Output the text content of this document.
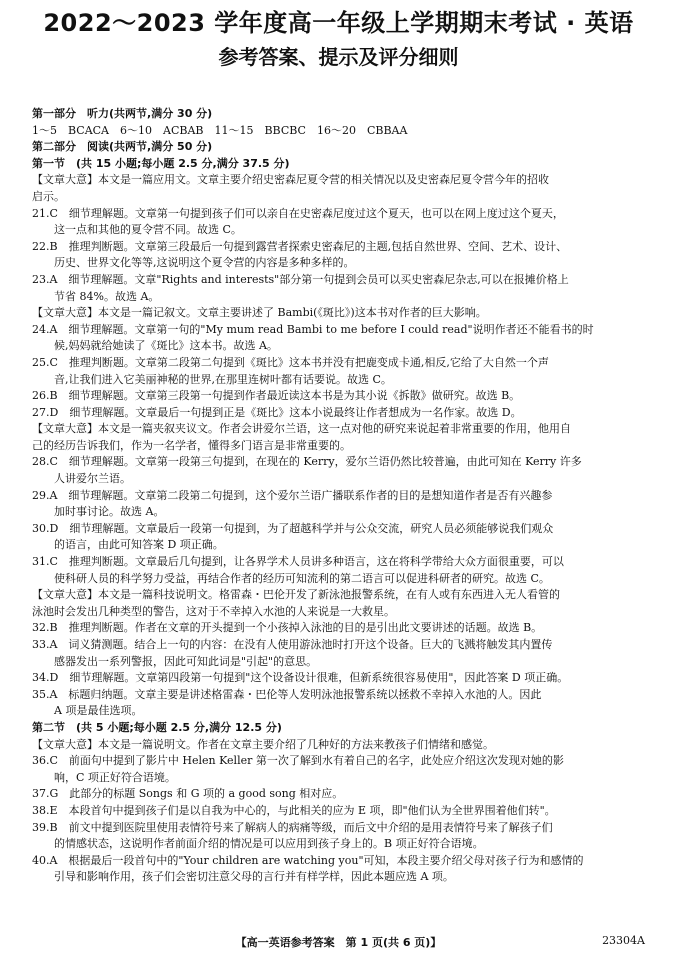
2022～2023 学年度高一年级上学期期末考试 · 英语
参考答案、提示及评分细则
第一部分　听力(共两节,满分 30 分)
1～5　BCACA　6～10　ACBAB　11～15　BBCBC　16～20　CBBAA
第二部分　阅读(共两节,满分 50 分)
第一节　(共 15 小题;每小题 2.5 分,满分 37.5 分)
【文章大意】本文是一篇应用文。文章主要介绍史密森尼夏令营的相关情况以及史密森尼夏令营今年的招收
启示。
21.C　细节理解题。文章第一句提到孩子们可以亲自在史密森尼度过这个夏天，也可以在网上度过这个夏天，
这一点和其他的夏令营不同。故选 C。
22.B　推理判断题。文章第三段最后一句提到露营者探索史密森尼的主题,包括自然世界、空间、艺术、设计、
历史、世界文化等等,这说明这个夏令营的内容是多种多样的。
23.A　细节理解题。文章"Rights and interests"部分第一句提到会员可以买史密森尼杂志,可以在报摊价格上
节省 84%。故选 A。
【文章大意】本文是一篇记叙文。文章主要讲述了 Bambi(《斑比》)这本书对作者的巨大影响。
24.A　细节理解题。文章第一句的"My mum read Bambi to me before I could read"说明作者还不能看书的时
候,妈妈就给她读了《斑比》这本书。故选 A。
25.C　推理判断题。文章第二段第二句提到《斑比》这本书并没有把鹿变成卡通,相反,它给了大自然一个声
音,让我们进入它美丽神秘的世界,在那里连树叶都有话要说。故选 C。
26.B　细节理解题。文章第三段第一句提到作者最近读这本书是为其小说《拆散》做研究。故选 B。
27.D　细节理解题。文章最后一句提到正是《斑比》这本小说最终让作者想成为一名作家。故选 D。
【文章大意】本文是一篇夹叙夹议文。作者会讲爱尔兰语，这一点对他的研究来说起着非常重要的作用，他用自
己的经历告诉我们，作为一名学者，懂得多门语言是非常重要的。
28.C　细节理解题。文章第一段第三句提到，在现在的 Kerry，爱尔兰语仍然比较普遍，由此可知在 Kerry 许多
人讲爱尔兰语。
29.A　细节理解题。文章第二段第二句提到，这个爱尔兰语广播联系作者的目的是想知道作者是否有兴趣参
加时事讨论。故选 A。
30.D　细节理解题。文章最后一段第一句提到，为了超越科学并与公众交流，研究人员必须能够说我们观众
的语言，由此可知答案 D 项正确。
31.C　推理判断题。文章最后几句提到，让各界学术人员讲多种语言，这在将科学带给大众方面很重要，可以
使科研人员的科学努力受益，再结合作者的经历可知流利的第二语言可以促进科研者的研究。故选 C。
【文章大意】本文是一篇科技说明文。格雷森・巴伦开发了新泳池报警系统，在有人或有东西进入无人看管的
泳池时会发出几种类型的警告，这对于不幸掉入水池的人来说是一大救星。
32.B　推理判断题。作者在文章的开头提到一个小孩掉入泳池的目的是引出此文要讲述的话题。故选 B。
33.A　词义猜测题。结合上一句的内容：在没有人使用游泳池时打开这个设备。巨大的飞溅将触发其内置传
感器发出一系列警报，因此可知此词是"引起"的意思。
34.D　细节理解题。文章第四段第一句提到"这个设备设计很难，但新系统很容易使用"，因此答案 D 项正确。
35.A　标题归纳题。文章主要是讲述格雷森・巴伦等人发明泳池报警系统以拯救不幸掉入水池的人。因此
A 项是最佳选项。
第二节　(共 5 小题;每小题 2.5 分,满分 12.5 分)
【文章大意】本文是一篇说明文。作者在文章主要介绍了几种好的方法来教孩子们情绪和感觉。
36.C　前面句中提到了影片中 Helen Keller 第一次了解到水有着自己的名字，此处应介绍这次发现对她的影
响，C 项正好符合语境。
37.G　此部分的标题 Songs 和 G 项的 a good song 相对应。
38.E　本段首句中提到孩子们是以自我为中心的，与此相关的应为 E 项，即"他们认为全世界围着他们转"。
39.B　前文中提到医院里使用表情符号来了解病人的病痛等级，而后文中介绍的是用表情符号来了解孩子们
的情感状态，这说明作者前面介绍的情况是可以应用到孩子身上的。B 项正好符合语境。
40.A　根据最后一段首句中的"Your children are watching you"可知，本段主要介绍父母对孩子行为和感情的
引导和影响作用，孩子们会密切注意父母的言行并有样学样，因此本题应选 A 项。
【高一英语参考答案　第 1 页(共 6 页)】	23304A
